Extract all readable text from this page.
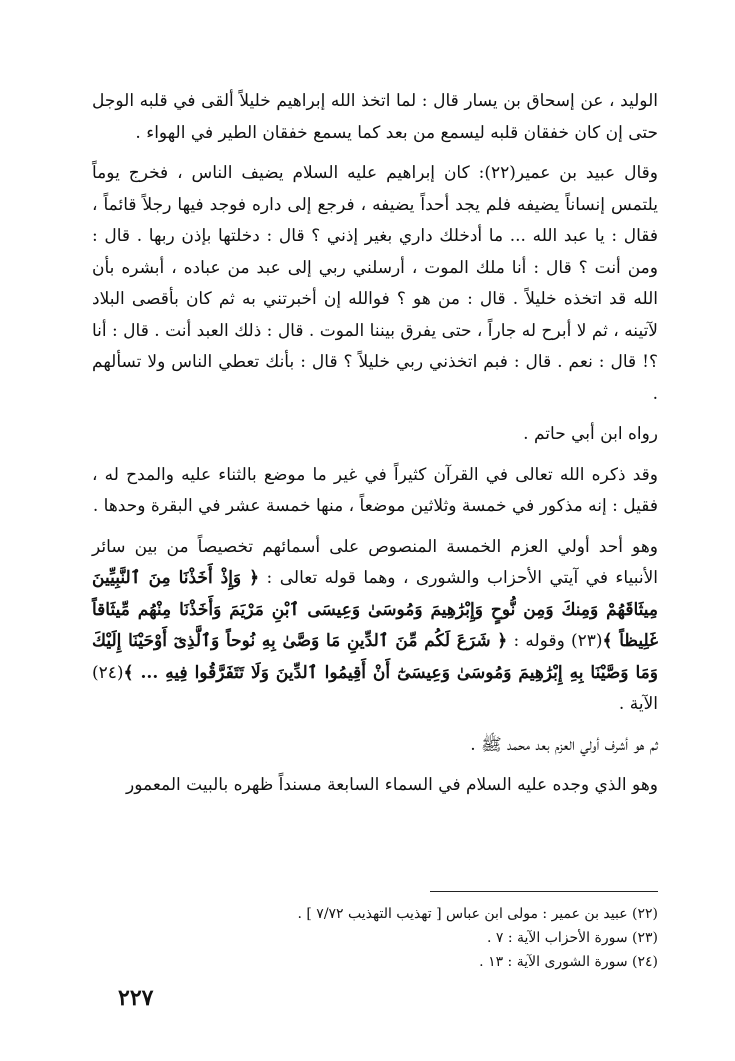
الوليد ، عن إسحاق بن يسار قال : لما اتخذ الله إبراهيم خليلاً ألقى في قلبه الوجل حتى إن كان خفقان قلبه ليسمع من بعد كما يسمع خفقان الطير في الهواء .

وقال عبيد بن عمير(٢٢): كان إبراهيم عليه السلام يضيف الناس ، فخرج يوماً يلتمس إنساناً يضيفه فلم يجد أحداً يضيفه ، فرجع إلى داره فوجد فيها رجلاً قائماً ، فقال : يا عبد الله ... ما أدخلك داري بغير إذني ؟ قال : دخلتها بإذن ربها . قال : ومن أنت ؟ قال : أنا ملك الموت ، أرسلني ربي إلى عبد من عباده ، أبشره بأن الله قد اتخذه خليلاً . قال : من هو ؟ فوالله إن أخبرتني به ثم كان بأقصى البلاد لآتينه ، ثم لا أبرح له جاراً ، حتى يفرق بيننا الموت . قال : ذلك العبد أنت . قال : أنا ؟! قال : نعم . قال : فبم اتخذني ربي خليلاً ؟ قال : بأنك تعطي الناس ولا تسألهم .

رواه ابن أبي حاتم .

وقد ذكره الله تعالى في القرآن كثيراً في غير ما موضع بالثناء عليه والمدح له ، فقيل : إنه مذكور في خمسة وثلاثين موضعاً ، منها خمسة عشر في البقرة وحدها .

وهو أحد أولي العزم الخمسة المنصوص على أسمائهم تخصيصاً من بين سائر الأنبياء في آيتي الأحزاب والشورى ، وهما قوله تعالى : ﴿ وَإِذْ أَخَذْنَا مِنَ ٱلنَّبِيِّينَ مِيثَاقَهُمْ وَمِنكَ وَمِن نُّوحٍ وَإِبْرَٰهِيمَ وَمُوسَىٰ وَعِيسَى ٱبْنِ مَرْيَمَ وَأَخَذْنَا مِنْهُم مِّيثَاقاً غَلِيظاً ﴾(٢٣) وقوله : ﴿ شَرَعَ لَكُم مِّنَ ٱلدِّينِ مَا وَصَّىٰ بِهِ نُوحاً وَٱلَّذِىٓ أَوْحَيْنَا إِلَيْكَ وَمَا وَصَّيْنَا بِهِ إِبْرَٰهِيمَ وَمُوسَىٰ وَعِيسَىٰٓ أَنْ أَقِيمُوا ٱلدِّينَ وَلَا تَتَفَرَّقُوا فِيهِ ... ﴾(٢٤) الآية .

ثم هو أشرف أولي العزم بعد محمد ﷺ .

وهو الذي وجده عليه السلام في السماء السابعة مسنداً ظهره بالبيت المعمور

(٢٢) عبيد بن عمير : مولى ابن عباس [ تهذيب التهذيب ٧/٧٢ ] .
(٢٣) سورة الأحزاب الآية : ٧ .
(٢٤) سورة الشورى الآية : ١٣ .
٢٢٧
